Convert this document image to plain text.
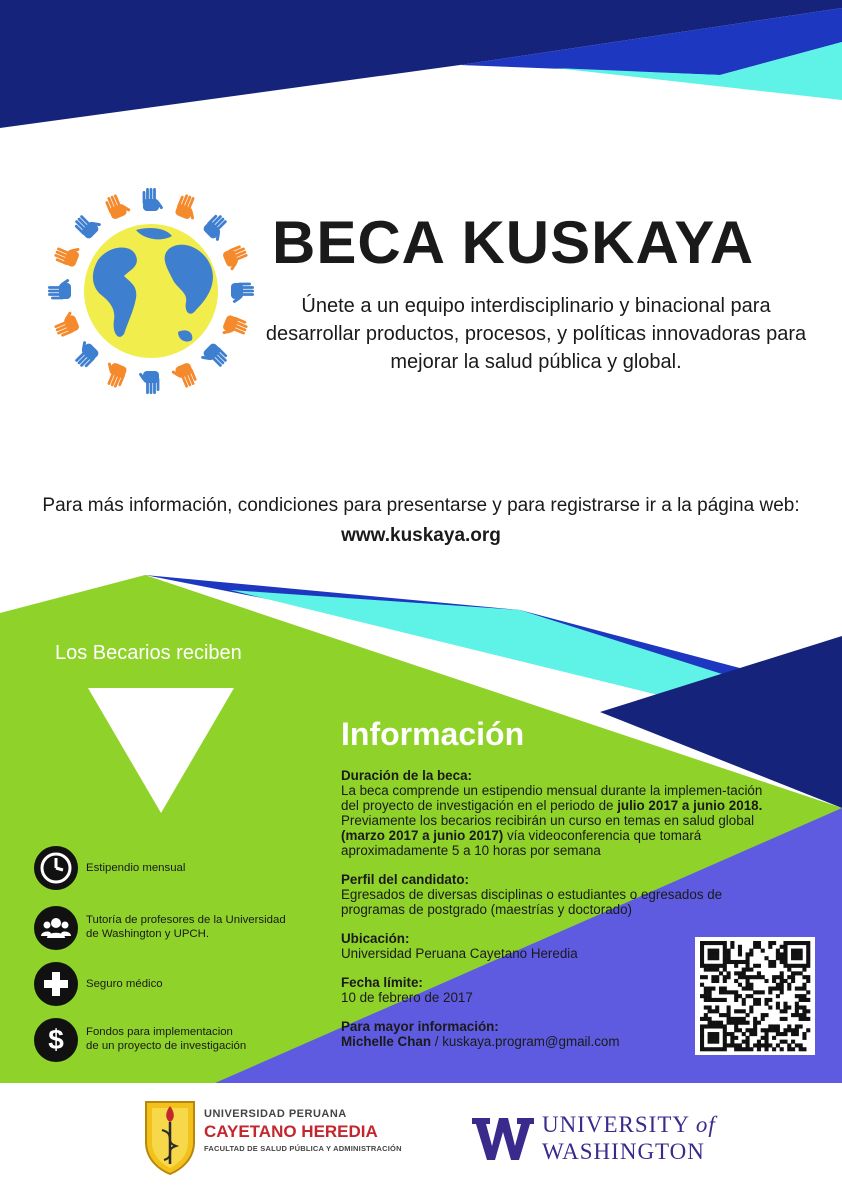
BECA KUSKAYA
Únete a un equipo interdisciplinario y binacional para desarrollar productos, procesos, y políticas innovadoras para mejorar la salud pública y global.
Para más información, condiciones para presentarse y para registrarse ir a la página web: www.kuskaya.org
Los Becarios reciben
Estipendio mensual
Tutoría de profesores de la Universidad
de Washington y UPCH.
Seguro médico
$	Fondos para implementacion
de un proyecto de investigación
Información
Duración de la beca:
La beca comprende un estipendio mensual durante la implemen-tación del proyecto de investigación en el periodo de julio 2017 a junio 2018. Previamente los becarios recibirán un curso en temas en salud global (marzo 2017 a junio 2017) vía videoconferencia que tomará aproximadamente 5 a 10 horas por semana
Perfil del candidato:
Egresados de diversas disciplinas o estudiantes o egresados de programas de postgrado (maestrías y doctorado)
Ubicación:
Universidad Peruana Cayetano Heredia
Fecha límite:
10 de febrero de 2017
Para mayor información:
Michelle Chan / kuskaya.program@gmail.com
UNIVERSIDAD PERUANA
CAYETANO HEREDIA
FACULTAD DE SALUD PÚBLICA Y ADMINISTRACIÓN
UNIVERSITY of
WASHINGTON
